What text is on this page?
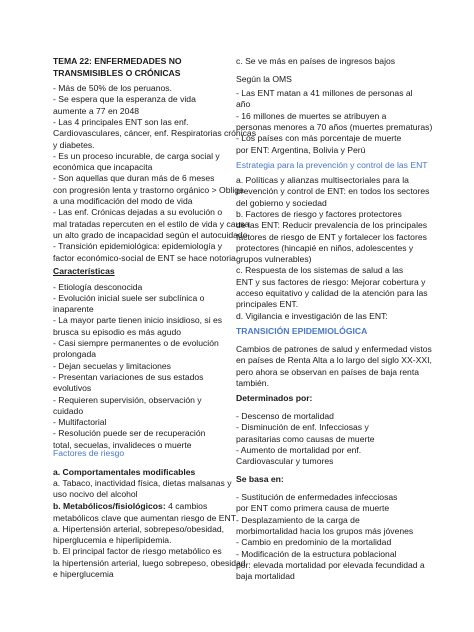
TEMA 22: ENFERMEDADES NO
TRANSMISIBLES O CRÓNICAS
- Más de 50% de los peruanos.
- Se espera que la esperanza de vida
aumente a 77 en 2048
- Las 4 principales ENT son las enf.
Cardiovasculares, cáncer, enf. Respiratorias crónicas
y diabetes.
- Es un proceso incurable, de carga social y
económica que incapacita
- Son aquellas que duran más de 6 meses
con progresión lenta y trastorno orgánico > Obliga
a una modificación del modo de vida
- Las enf. Crónicas dejadas a su evolución o
mal tratadas repercuten en el estilo de vida y causa
un alto grado de incapacidad según el autocuidado.
- Transición epidemiológica: epidemiología y
factor económico-social de ENT se hace notoria
Características
- Etiología desconocida
- Evolución inicial suele ser subclínica o
inaparente
- La mayor parte tienen inicio insidioso, si es
brusca su episodio es más agudo
- Casi siempre permanentes o de evolución
prolongada
- Dejan secuelas y limitaciones
- Presentan variaciones de sus estados
evolutivos
- Requieren supervisión, observación y
cuidado
- Multifactorial
- Resolución puede ser de recuperación
total, secuelas, invalideces o muerte
Factores de riesgo
a. Comportamentales modificables
a. Tabaco, inactividad física, dietas malsanas y
uso nocivo del alcohol
b. Metabólicos/fisiológicos: 4 cambios
metabólicos clave que aumentan riesgo de ENT
a. Hipertensión arterial, sobrepeso/obesidad,
hiperglucemia e hiperlipidemia.
b. El principal factor de riesgo metabólico es
la hipertensión arterial, luego sobrepeso, obesidad
e hiperglucemia
c. Se ve más en países de ingresos bajos
Según la OMS
- Las ENT matan a 41 millones de personas al
año
- 16 millones de muertes se atribuyen a
personas menores a 70 años (muertes prematuras)
- Los países con más porcentaje de muerte
por ENT: Argentina, Bolivia y Perú
Estrategia para la prevención y control de las ENT
a. Políticas y alianzas multisectoriales para la
prevención y control de ENT: en todos los sectores
del gobierno y sociedad
b. Factores de riesgo y factores protectores
de las ENT: Reducir prevalencia de los principales
factores de riesgo de ENT y fortalecer los factores
protectores (hincapié en niños, adolescentes y
grupos vulnerables)
c. Respuesta de los sistemas de salud a las
ENT y sus factores de riesgo: Mejorar cobertura y
acceso equitativo y calidad de la atención para las
principales ENT.
d. Vigilancia e investigación de las ENT:
TRANSICIÓN EPIDEMIOLÓGICA
Cambios de patrones de salud y enfermedad vistos
en países de Renta Alta a lo largo del siglo XX-XXI,
pero ahora se observan en países de baja renta
también.
Determinados por:
- Descenso de mortalidad
- Disminución de enf. Infecciosas y
parasitarias como causas de muerte
- Aumento de mortalidad por enf.
Cardiovascular y tumores
Se basa en:
- Sustitución de enfermedades infecciosas
por ENT como primera causa de muerte
- Desplazamiento de la carga de
morbimortalidad hacia los grupos más jóvenes
- Cambio en predominio de la mortalidad
- Modificación de la estructura poblacional
por: elevada mortalidad por elevada fecundidad a
baja mortalidad
